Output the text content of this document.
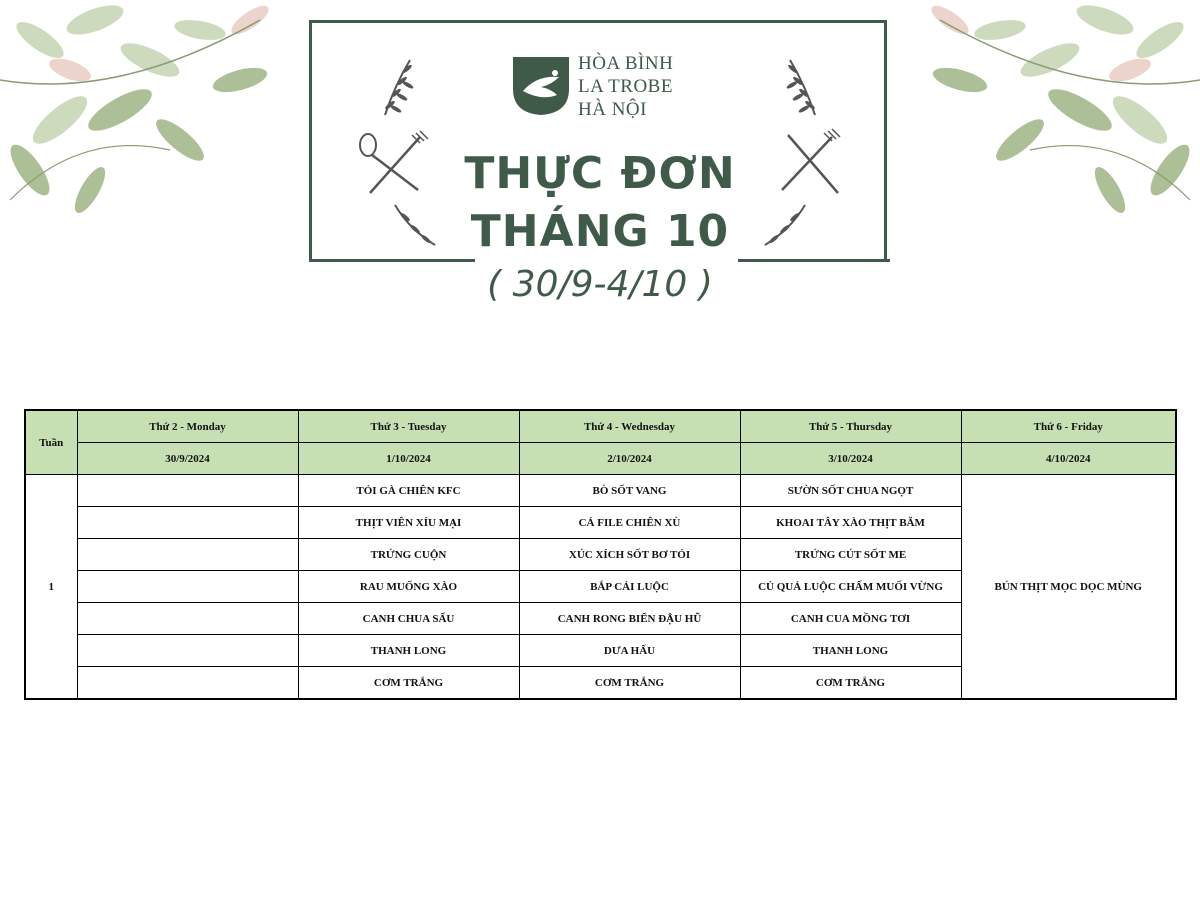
HÒA BÌNH
LA TROBE
HÀ NỘI
THỰC ĐƠN
THÁNG 10
( 30/9-4/10 )
Tuần	Thứ 2 - Monday	Thứ 3 - Tuesday	Thứ 4 - Wednesday	Thứ 5 - Thursday	Thứ 6 - Friday
	30/9/2024	1/10/2024	2/10/2024	3/10/2024	4/10/2024
1		TỎI GÀ CHIÊN KFC	BÒ SỐT VANG	SƯỜN SỐT CHUA NGỌT	BÚN THỊT MỌC DỌC MÙNG
		THỊT VIÊN XÍU MẠI	CÁ FILE CHIÊN XÙ	KHOAI TÂY XÀO THỊT BĂM	
		TRỨNG CUỘN	XÚC XÍCH SỐT BƠ TỎI	TRỨNG CÚT SỐT ME	
		RAU MUỐNG XÀO	BẮP CẢI LUỘC	CỦ QUẢ LUỘC CHẤM MUỐI VỪNG	
		CANH CHUA SẤU	CANH RONG BIỂN ĐẬU HŨ	CANH CUA MỒNG TƠI	
		THANH LONG	DƯA HẤU	THANH LONG	
		CƠM TRẮNG	CƠM TRẮNG	CƠM TRẮNG	
